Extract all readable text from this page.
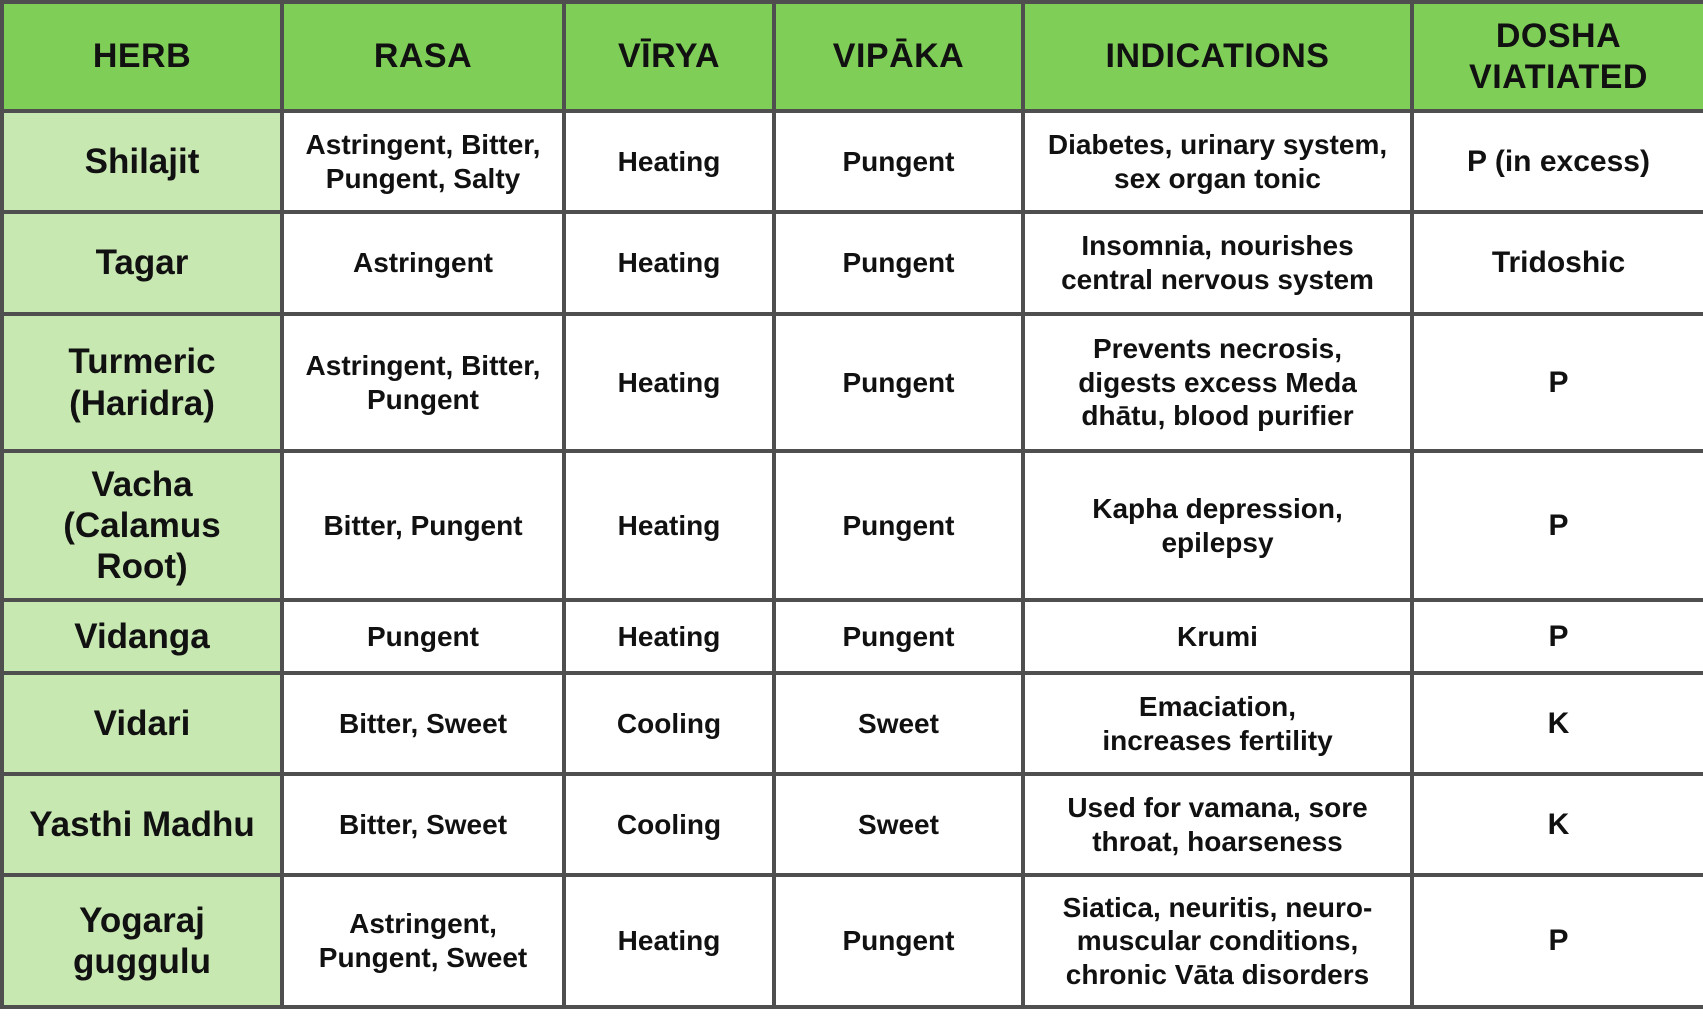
HERB	RASA	VĪRYA	VIPĀKA	INDICATIONS	DOSHA VIATIATED
Shilajit	Astringent, Bitter, Pungent, Salty	Heating	Pungent	Diabetes, urinary system, sex organ tonic	P (in excess)
Tagar	Astringent	Heating	Pungent	Insomnia, nourishes central nervous system	Tridoshic
Turmeric (Haridra)	Astringent, Bitter, Pungent	Heating	Pungent	Prevents necrosis, digests excess Meda dhātu, blood purifier	P
Vacha (Calamus Root)	Bitter, Pungent	Heating	Pungent	Kapha depression, epilepsy	P
Vidanga	Pungent	Heating	Pungent	Krumi	P
Vidari	Bitter, Sweet	Cooling	Sweet	Emaciation, increases fertility	K
Yasthi Madhu	Bitter, Sweet	Cooling	Sweet	Used for vamana, sore throat, hoarseness	K
Yogaraj guggulu	Astringent, Pungent, Sweet	Heating	Pungent	Siatica, neuritis, neuro-muscular conditions, chronic Vāta disorders	P
